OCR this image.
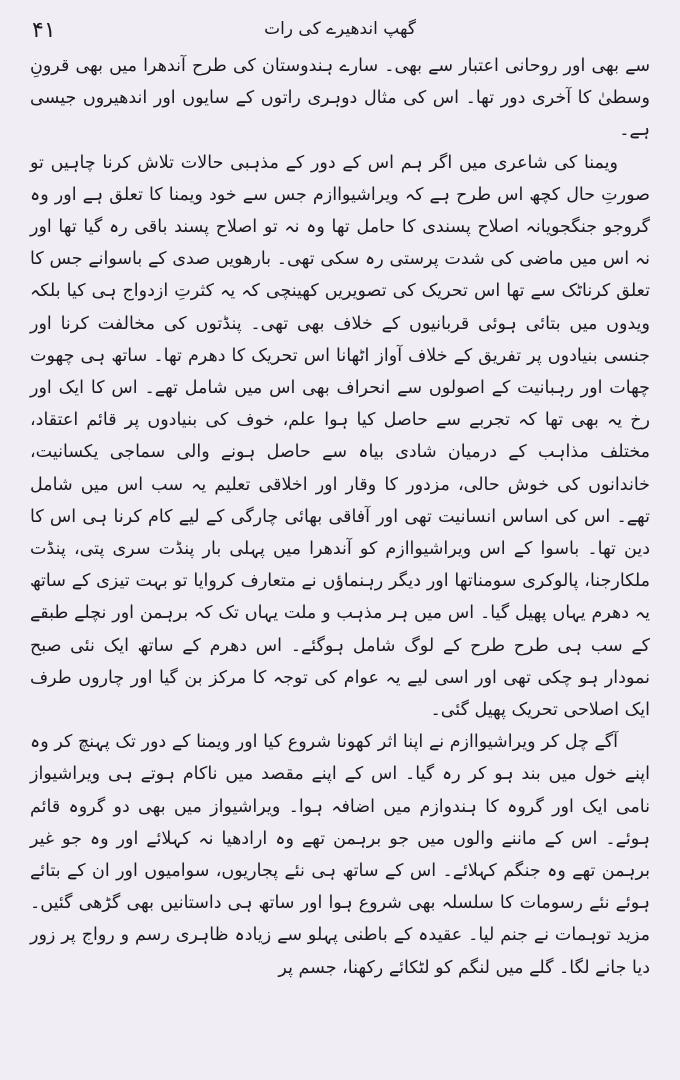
۴۱	گھپ اندھیرے کی رات

سے بھی اور روحانی اعتبار سے بھی۔ سارے ہندوستان کی طرح آندھرا میں بھی قرونِ وسطیٰ کا آخری دور تھا۔ اس کی مثال دوہری راتوں کے سایوں اور اندھیروں جیسی ہے۔

ویمنا کی شاعری میں اگر ہم اس کے دور کے مذہبی حالات تلاش کرنا چاہیں تو صورتِ حال کچھ اس طرح ہے کہ ویراشیواازم جس سے خود ویمنا کا تعلق ہے اور وہ گروجو جنگجویانہ اصلاح پسندی کا حامل تھا وہ نہ تو اصلاح پسند باقی رہ گیا تھا اور نہ اس میں ماضی کی شدت پرستی رہ سکی تھی۔ بارھویں صدی کے باسوانے جس کا تعلق کرناٹک سے تھا اس تحریک کی تصویریں کھینچی کہ یہ کثرتِ ازدواج ہی کیا بلکہ ویدوں میں بتائی ہوئی قربانیوں کے خلاف بھی تھی۔ پنڈتوں کی مخالفت کرنا اور جنسی بنیادوں پر تفریق کے خلاف آواز اٹھانا اس تحریک کا دھرم تھا۔ ساتھ ہی چھوت چھات اور رہبانیت کے اصولوں سے انحراف بھی اس میں شامل تھے۔ اس کا ایک اور رخ یہ بھی تھا کہ تجربے سے حاصل کیا ہوا علم، خوف کی بنیادوں پر قائم اعتقاد، مختلف مذاہب کے درمیان شادی بیاہ سے حاصل ہونے والی سماجی یکسانیت، خاندانوں کی خوش حالی، مزدور کا وقار اور اخلاقی تعلیم یہ سب اس میں شامل تھے۔ اس کی اساس انسانیت تھی اور آفاقی بھائی چارگی کے لیے کام کرنا ہی اس کا دین تھا۔ باسوا کے اس ویراشیواازم کو آندھرا میں پہلی بار پنڈت سری پتی، پنڈت ملکارجنا، پالوکری سومناتھا اور دیگر رہنماؤں نے متعارف کروایا تو بہت تیزی کے ساتھ یہ دھرم یہاں پھیل گیا۔ اس میں ہر مذہب و ملت یہاں تک کہ برہمن اور نچلے طبقے کے سب ہی طرح طرح کے لوگ شامل ہوگئے۔ اس دھرم کے ساتھ ایک نئی صبح نمودار ہو چکی تھی اور اسی لیے یہ عوام کی توجہ کا مرکز بن گیا اور چاروں طرف ایک اصلاحی تحریک پھیل گئی۔

آگے چل کر ویراشیواازم نے اپنا اثر کھونا شروع کیا اور ویمنا کے دور تک پہنچ کر وہ اپنے خول میں بند ہو کر رہ گیا۔ اس کے اپنے مقصد میں ناکام ہوتے ہی ویراشیواز نامی ایک اور گروہ کا ہندوازم میں اضافہ ہوا۔ ویراشیواز میں بھی دو گروہ قائم ہوئے۔ اس کے ماننے والوں میں جو برہمن تھے وہ ارادھیا نہ کہلائے اور وہ جو غیر برہمن تھے وہ جنگم کہلائے۔ اس کے ساتھ ہی نئے پجاریوں، سوامیوں اور ان کے بتائے ہوئے نئے رسومات کا سلسلہ بھی شروع ہوا اور ساتھ ہی داستانیں بھی گڑھی گئیں۔ مزید توہمات نے جنم لیا۔ عقیدہ کے باطنی پہلو سے زیادہ ظاہری رسم و رواج پر زور دیا جانے لگا۔ گلے میں لنگم کو لٹکائے رکھنا، جسم پر
